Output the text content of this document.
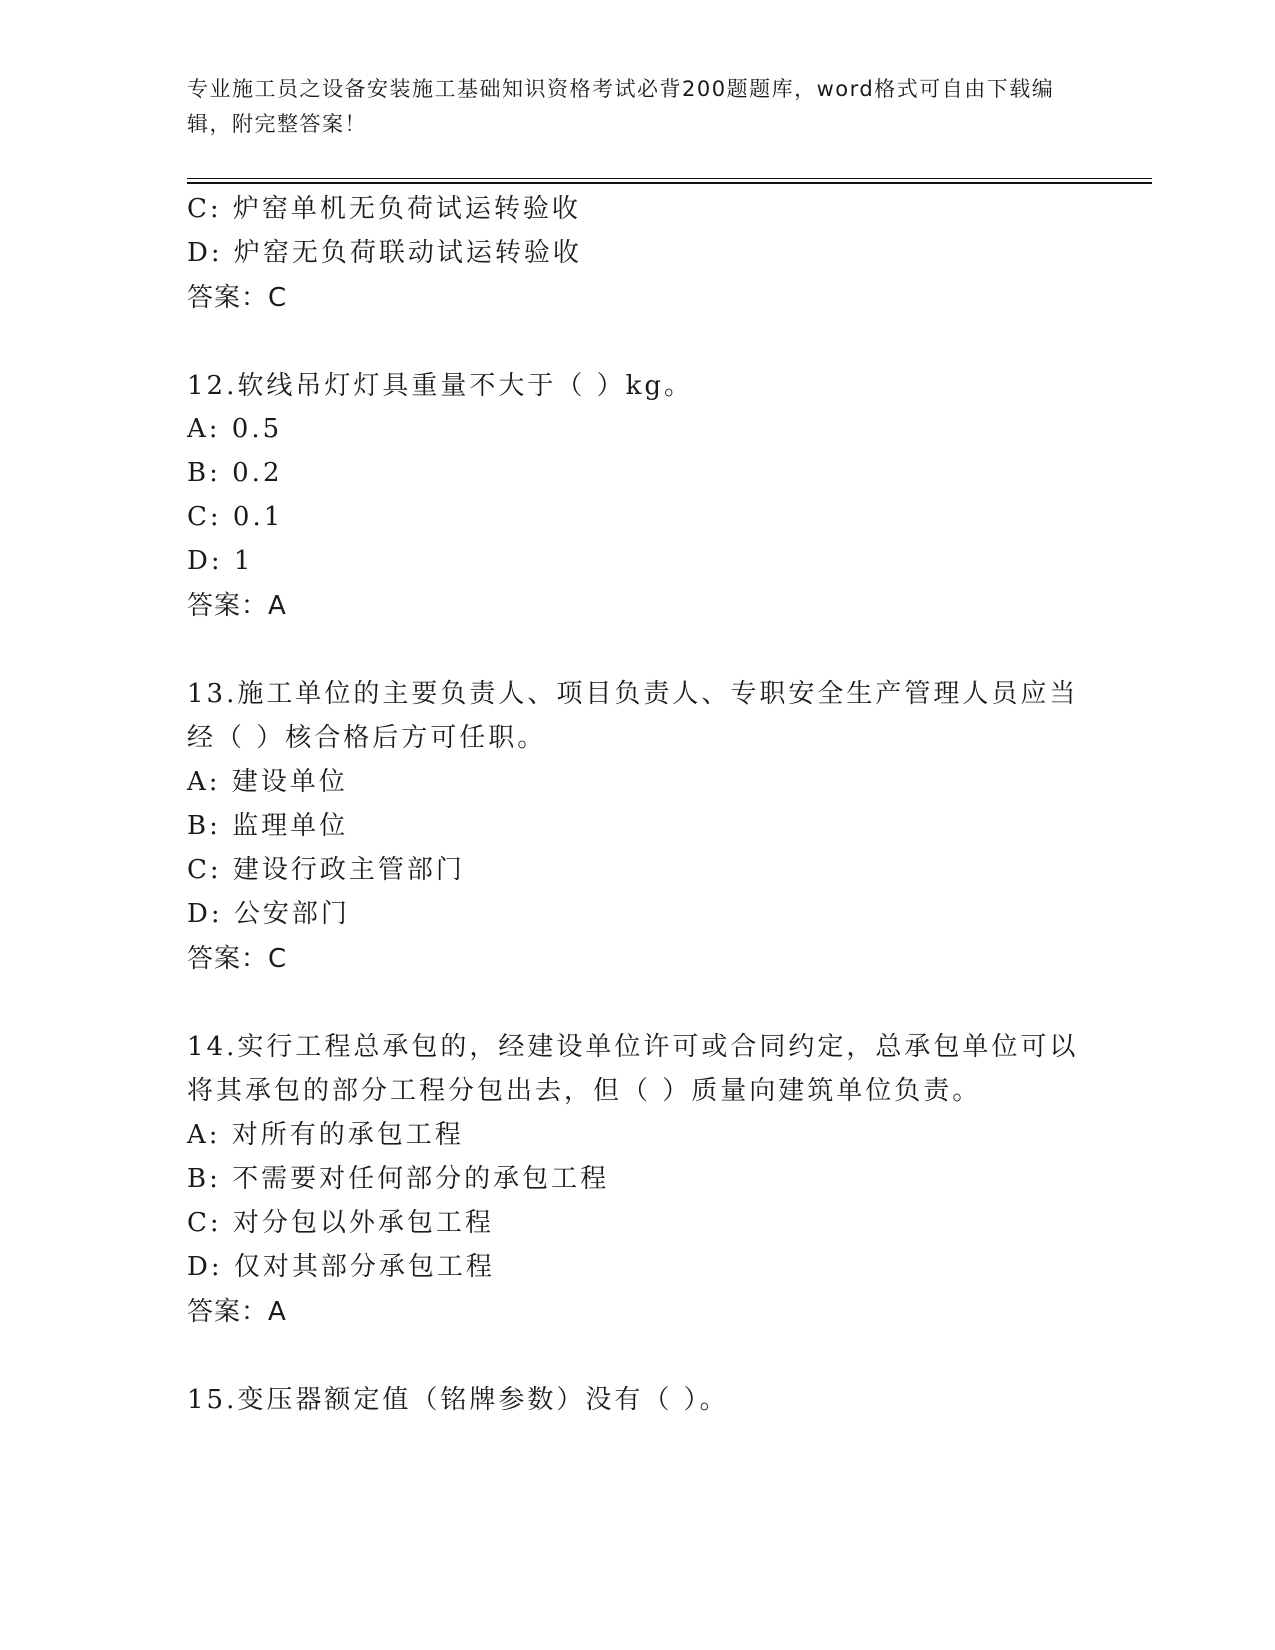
专业施工员之设备安装施工基础知识资格考试必背200题题库，word格式可自由下载编辑，附完整答案！
C: 炉窑单机无负荷试运转验收
D: 炉窑无负荷联动试运转验收
答案：C
12.软线吊灯灯具重量不大于（ ）kg。
A: 0.5
B: 0.2
C: 0.1
D: 1
答案：A
13.施工单位的主要负责人、项目负责人、专职安全生产管理人员应当
经（ ）核合格后方可任职。
A: 建设单位
B: 监理单位
C: 建设行政主管部门
D: 公安部门
答案：C
14.实行工程总承包的，经建设单位许可或合同约定，总承包单位可以
将其承包的部分工程分包出去，但（ ）质量向建筑单位负责。
A: 对所有的承包工程
B: 不需要对任何部分的承包工程
C: 对分包以外承包工程
D: 仅对其部分承包工程
答案：A
15.变压器额定值（铭牌参数）没有（ ）。
